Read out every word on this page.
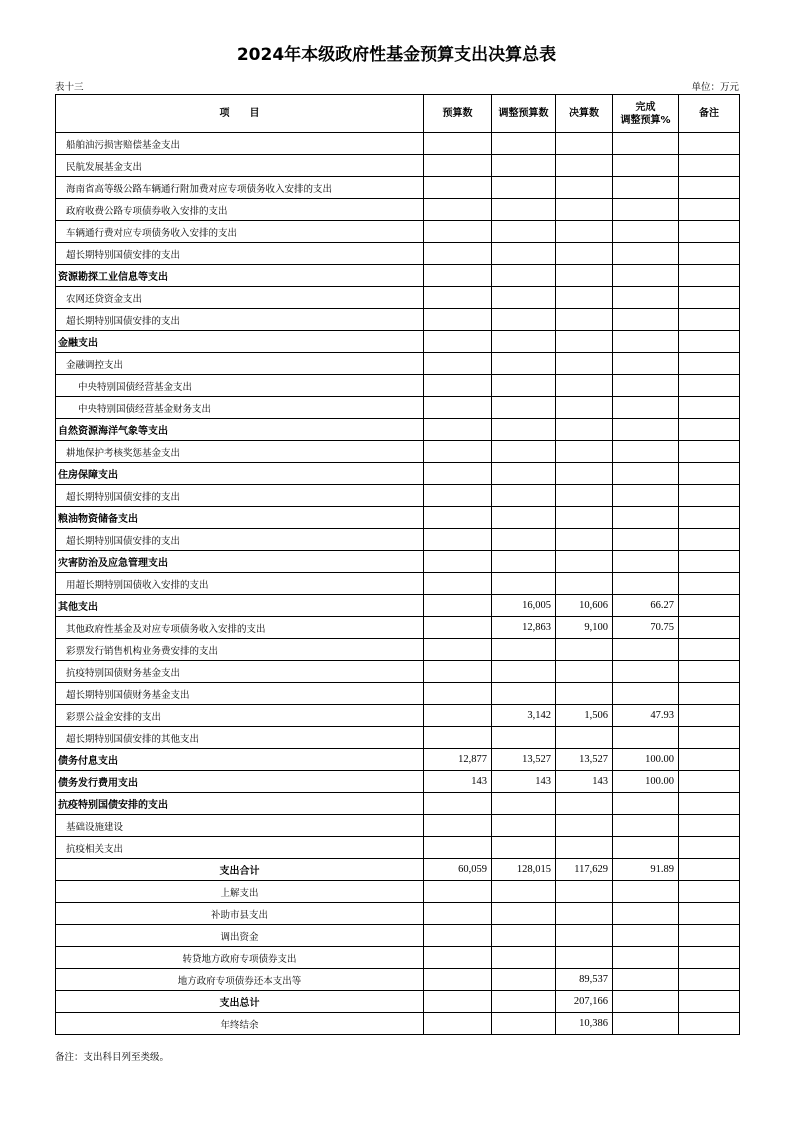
2024年本级政府性基金预算支出决算总表
表十三	单位：万元
项　　目	预算数	调整预算数	决算数	完成
调整预算%	备注
船舶油污损害赔偿基金支出					
民航发展基金支出					
海南省高等级公路车辆通行附加费对应专项债务收入安排的支出					
政府收费公路专项债券收入安排的支出					
车辆通行费对应专项债务收入安排的支出					
超长期特别国债安排的支出					
资源勘探工业信息等支出					
农网还贷资金支出					
超长期特别国债安排的支出					
金融支出					
金融调控支出					
中央特别国债经营基金支出					
中央特别国债经营基金财务支出					
自然资源海洋气象等支出					
耕地保护考核奖惩基金支出					
住房保障支出					
超长期特别国债安排的支出					
粮油物资储备支出					
超长期特别国债安排的支出					
灾害防治及应急管理支出					
用超长期特别国债收入安排的支出					
其他支出		16,005	10,606	66.27	
其他政府性基金及对应专项债务收入安排的支出		12,863	9,100	70.75	
彩票发行销售机构业务费安排的支出					
抗疫特别国债财务基金支出					
超长期特别国债财务基金支出					
彩票公益金安排的支出		3,142	1,506	47.93	
超长期特别国债安排的其他支出					
债务付息支出	12,877	13,527	13,527	100.00	
债务发行费用支出	143	143	143	100.00	
抗疫特别国债安排的支出					
基础设施建设					
抗疫相关支出					
支出合计	60,059	128,015	117,629	91.89	
上解支出					
补助市县支出					
调出资金					
转贷地方政府专项债券支出					
地方政府专项债券还本支出等			89,537		
支出总计			207,166		
年终结余			10,386		
备注：支出科目列至类级。
